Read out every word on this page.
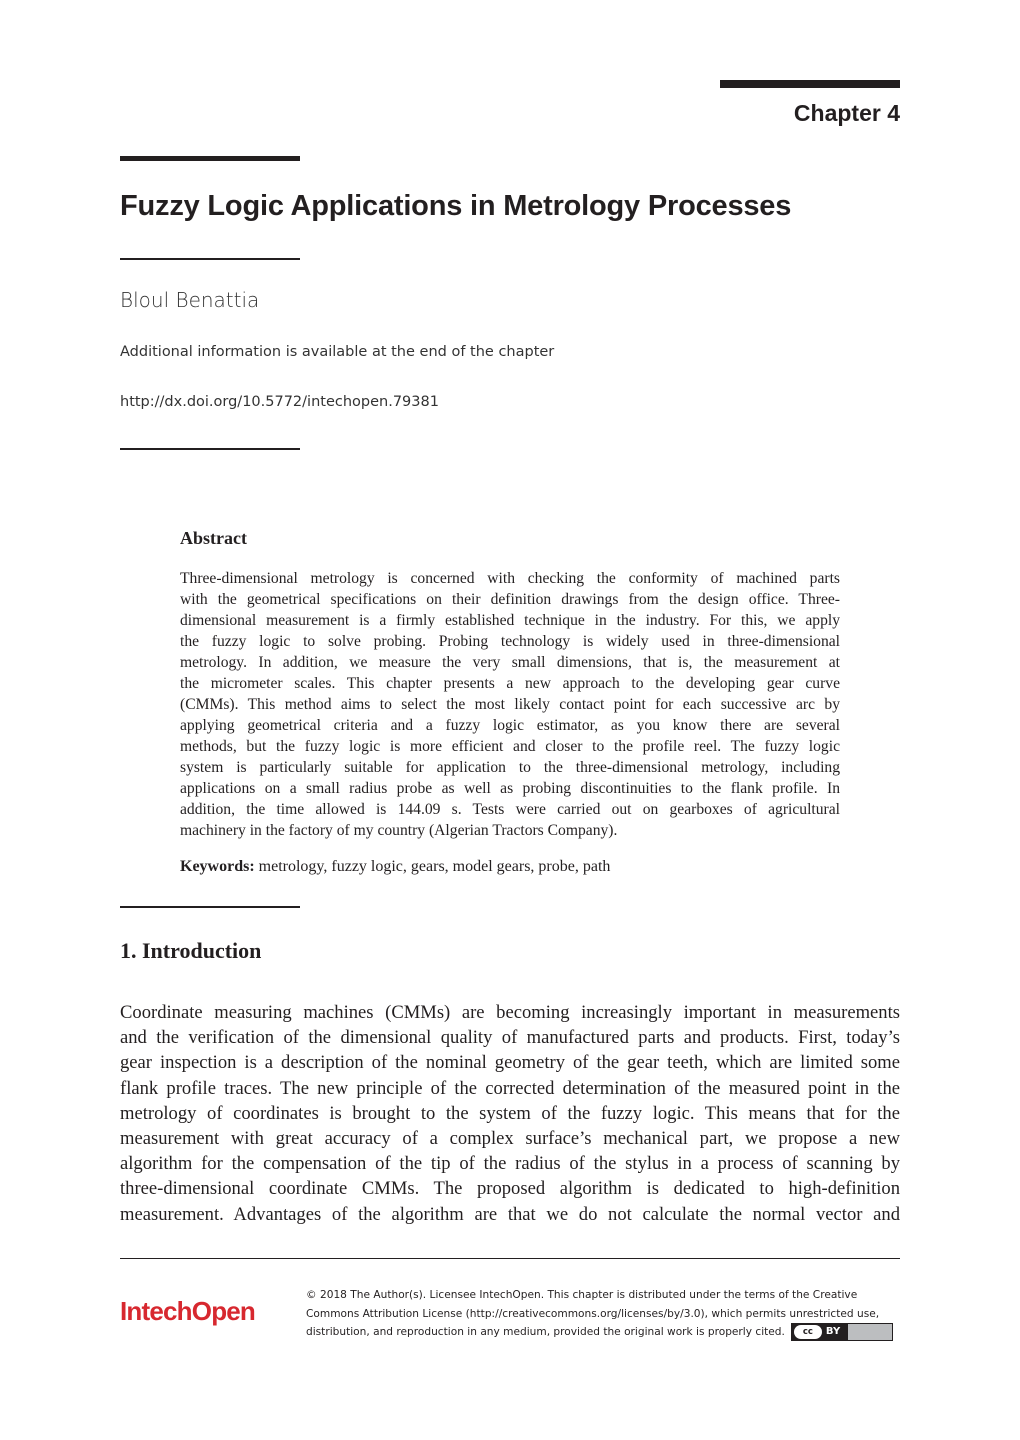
Chapter 4
Fuzzy Logic Applications in Metrology Processes
Bloul Benattia
Additional information is available at the end of the chapter
http://dx.doi.org/10.5772/intechopen.79381
Abstract
Three-dimensional metrology is concerned with checking the conformity of machined parts
with the geometrical specifications on their definition drawings from the design office. Three-
dimensional measurement is a firmly established technique in the industry. For this, we apply
the fuzzy logic to solve probing. Probing technology is widely used in three-dimensional
metrology. In addition, we measure the very small dimensions, that is, the measurement at
the micrometer scales. This chapter presents a new approach to the developing gear curve
(CMMs). This method aims to select the most likely contact point for each successive arc by
applying geometrical criteria and a fuzzy logic estimator, as you know there are several
methods, but the fuzzy logic is more efficient and closer to the profile reel. The fuzzy logic
system is particularly suitable for application to the three-dimensional metrology, including
applications on a small radius probe as well as probing discontinuities to the flank profile. In
addition, the time allowed is 144.09 s. Tests were carried out on gearboxes of agricultural
machinery in the factory of my country (Algerian Tractors Company).
Keywords: metrology, fuzzy logic, gears, model gears, probe, path
1. Introduction
Coordinate measuring machines (CMMs) are becoming increasingly important in measurements
and the verification of the dimensional quality of manufactured parts and products. First, today’s
gear inspection is a description of the nominal geometry of the gear teeth, which are limited some
flank profile traces. The new principle of the corrected determination of the measured point in the
metrology of coordinates is brought to the system of the fuzzy logic. This means that for the
measurement with great accuracy of a complex surface’s mechanical part, we propose a new
algorithm for the compensation of the tip of the radius of the stylus in a process of scanning by
three-dimensional coordinate CMMs. The proposed algorithm is dedicated to high-definition
measurement. Advantages of the algorithm are that we do not calculate the normal vector and
IntechOpen
© 2018 The Author(s). Licensee IntechOpen. This chapter is distributed under the terms of the Creative
Commons Attribution License (http://creativecommons.org/licenses/by/3.0), which permits unrestricted use,
distribution, and reproduction in any medium, provided the original work is properly cited.	cc	BY
